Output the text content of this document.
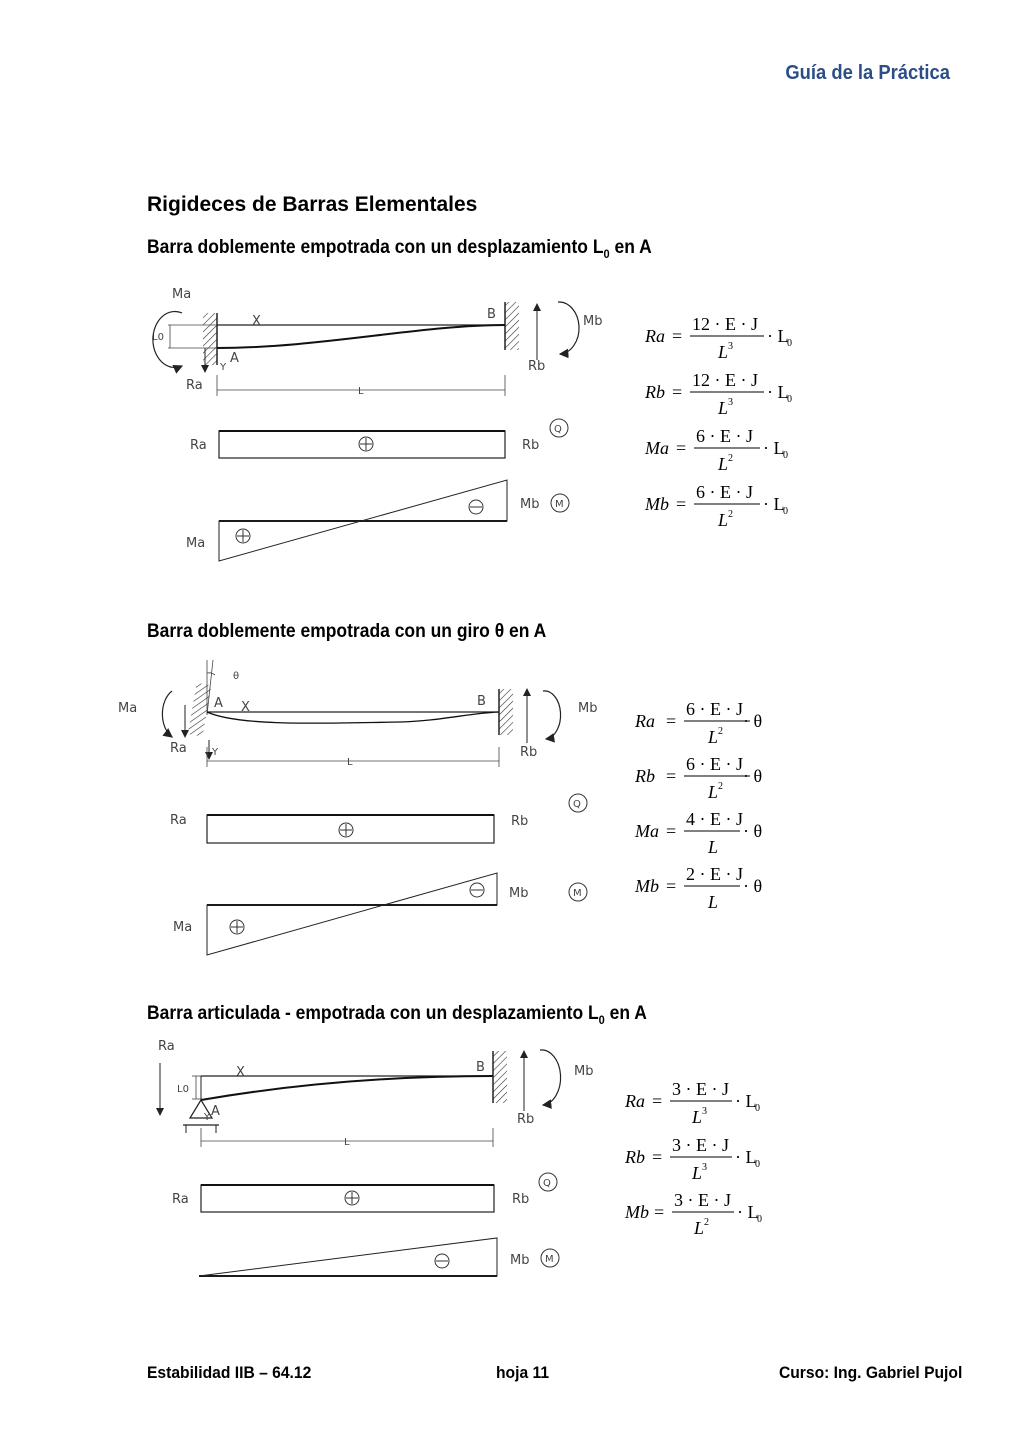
Guía de la Práctica
Rigideces de Barras Elementales
Barra doblemente empotrada con un desplazamiento $L_0$ en A
L0
Ma
Ra
A
Y
X	B
Rb
Mb
L
Ra	Rb
Q
Ma
Mb M
Ra =
12 · E · J
L 3
· L
0
Rb =
12 · E · J
L 3
· L
0
Ma =
6 · E · J
L 2
· L
0
Mb =
6 · E · J
L 2
· L
0
Barra doblemente empotrada con un giro θ en A
θ
A X	B
Ma
Ra	Y	Rb
Mb
L
Ra	Rb
Q
Ma
Mb	M
Ra =
6 · E · J
L 2
· θ
Rb =
6 · E · J
L 2
· θ
Ma =
4 · E · J
L
· θ
Mb =
2 · E · J
L
· θ
Barra articulada - empotrada con un desplazamiento $L_0$ en A
Ra
L0
A
Y
X	B
Rb
Mb
L
Ra	Rb
Q
Mb M
Ra =
3 · E · J
L 3
· L
0
Rb =
3 · E · J
L 3
· L
0
Mb =
3 · E · J
L 2
· L
0
Estabilidad IIB – 64.12	hoja 11	Curso: Ing. Gabriel Pujol
